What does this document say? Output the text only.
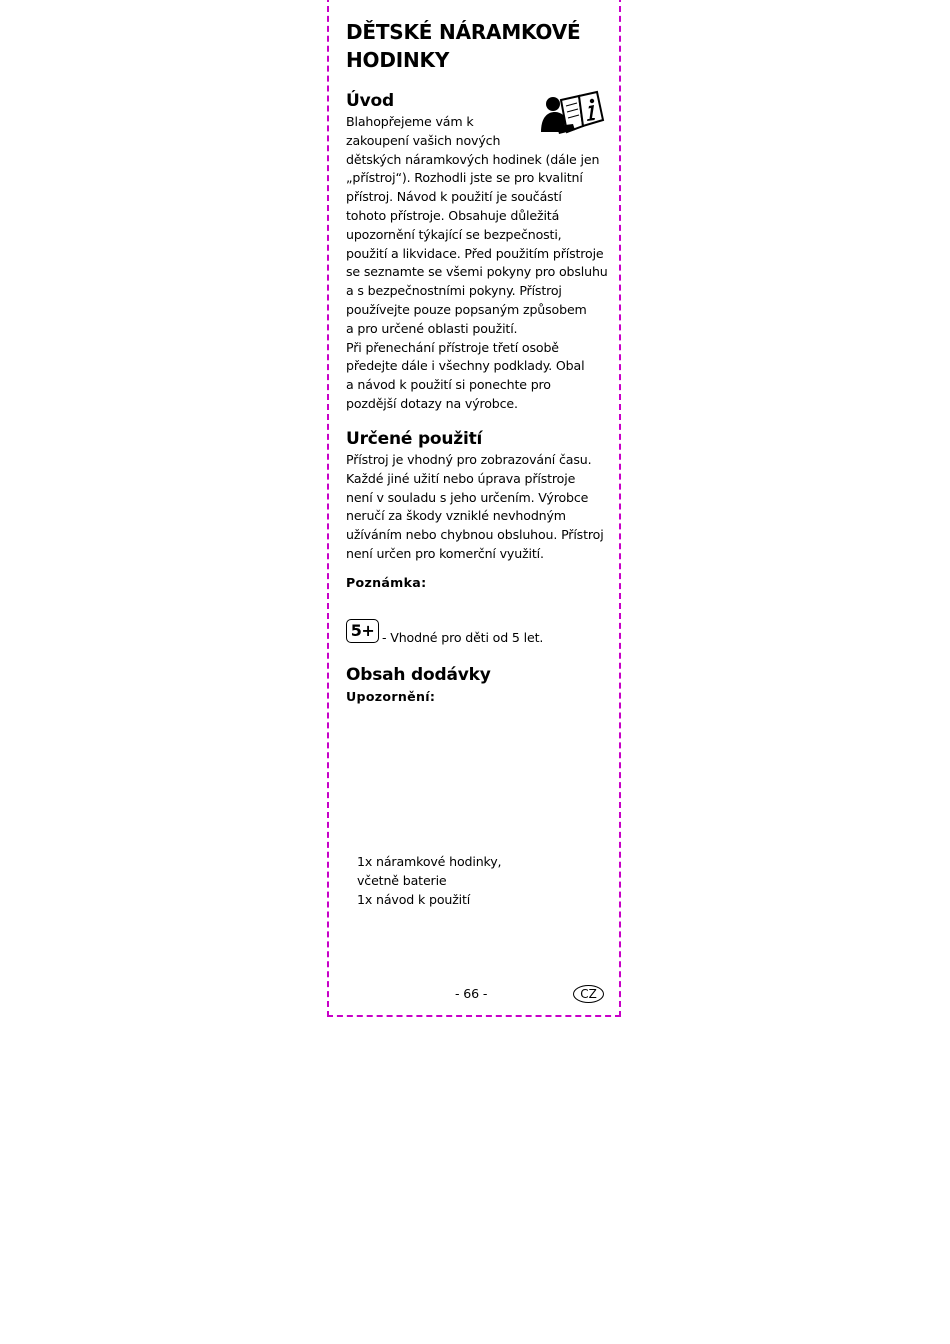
DĚTSKÉ NÁRAMKOVÉ
HODINKY
Úvod

Blahopřejeme vám k

zakoupení vašich nových

dětských náramkových hodinek (dále jen

„přístroj“). Rozhodli jste se pro kvalitní

přístroj. Návod k použití je součástí

tohoto přístroje. Obsahuje důležitá

upozornění týkající se bezpečnosti,

použití a likvidace. Před použitím přístroje

se seznamte se všemi pokyny pro obsluhu

a s bezpečnostními pokyny. Přístroj

používejte pouze popsaným způsobem

a pro určené oblasti použití.

Při přenechání přístroje třetí osobě

předejte dále i všechny podklady. Obal

a návod k použití si ponechte pro

pozdější dotazy na výrobce.

Určené použití

Přístroj je vhodný pro zobrazování času.

Každé jiné užití nebo úprava přístroje

není v souladu s jeho určením. Výrobce

neručí za škody vzniklé nevhodným

užíváním nebo chybnou obsluhou. Přístroj

není určen pro komerční využití.

Poznámka:
5+ - Vhodné pro děti od 5 let.
Obsah dodávky
Upozornění:

1x náramkové hodinky,

včetně baterie

1x návod k použití

- 66 -	CZ
